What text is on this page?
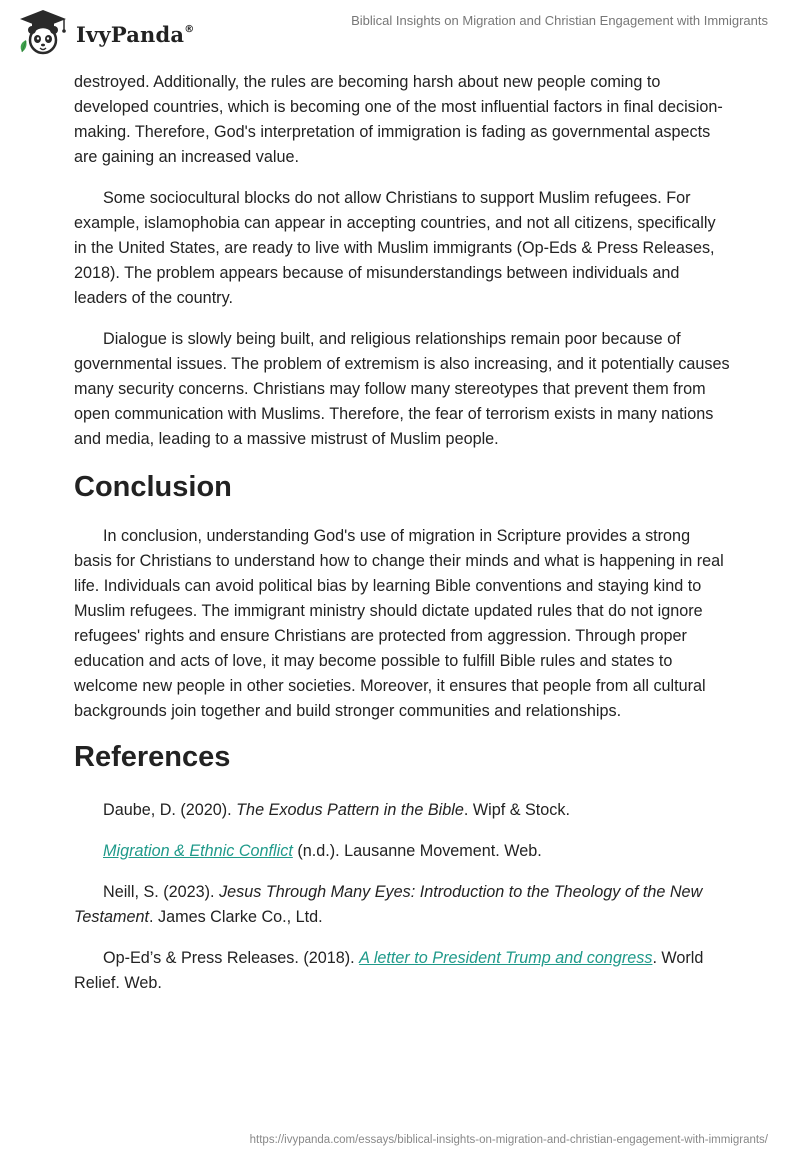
IvyPanda®
Biblical Insights on Migration and Christian Engagement with Immigrants

destroyed. Additionally, the rules are becoming harsh about new people coming to developed countries, which is becoming one of the most influential factors in final decision-making. Therefore, God's interpretation of immigration is fading as governmental aspects are gaining an increased value.

Some sociocultural blocks do not allow Christians to support Muslim refugees. For example, islamophobia can appear in accepting countries, and not all citizens, specifically in the United States, are ready to live with Muslim immigrants (Op-Eds & Press Releases, 2018). The problem appears because of misunderstandings between individuals and leaders of the country.

Dialogue is slowly being built, and religious relationships remain poor because of governmental issues. The problem of extremism is also increasing, and it potentially causes many security concerns. Christians may follow many stereotypes that prevent them from open communication with Muslims. Therefore, the fear of terrorism exists in many nations and media, leading to a massive mistrust of Muslim people.

Conclusion

In conclusion, understanding God's use of migration in Scripture provides a strong basis for Christians to understand how to change their minds and what is happening in real life. Individuals can avoid political bias by learning Bible conventions and staying kind to Muslim refugees. The immigrant ministry should dictate updated rules that do not ignore refugees' rights and ensure Christians are protected from aggression. Through proper education and acts of love, it may become possible to fulfill Bible rules and states to welcome new people in other societies. Moreover, it ensures that people from all cultural backgrounds join together and build stronger communities and relationships.

References

Daube, D. (2020). The Exodus Pattern in the Bible. Wipf & Stock.

Migration & Ethnic Conflict (n.d.). Lausanne Movement. Web.

Neill, S. (2023). Jesus Through Many Eyes: Introduction to the Theology of the New Testament. James Clarke Co., Ltd.

Op-Ed’s & Press Releases. (2018). A letter to President Trump and congress. World Relief. Web.

https://ivypanda.com/essays/biblical-insights-on-migration-and-christian-engagement-with-immigrants/
